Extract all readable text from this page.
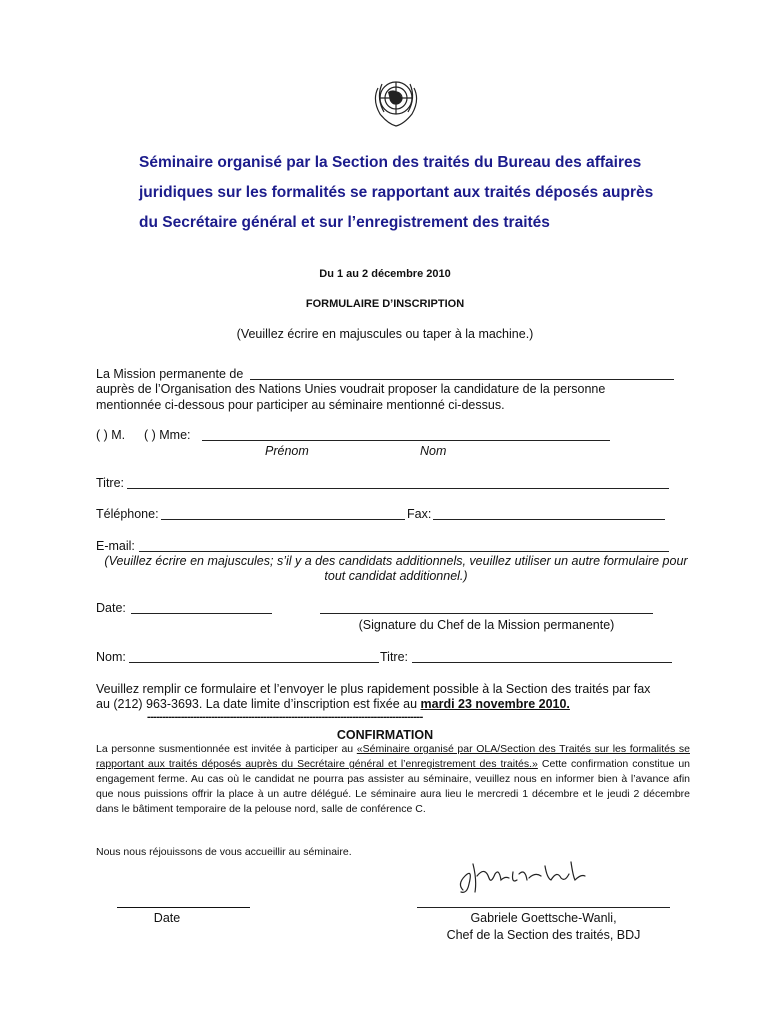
Séminaire organisé par la Section des traités du Bureau des affaires juridiques sur les formalités se rapportant aux traités déposés auprès du Secrétaire général et sur l’enregistrement des traités
Du 1 au 2 décembre 2010
FORMULAIRE D’INSCRIPTION
(Veuillez écrire en majuscules ou taper à la machine.)
La Mission permanente de
auprès de l’Organisation des Nations Unies voudrait proposer la candidature de la personne
mentionnée ci-dessous pour participer au séminaire mentionné ci-dessus.
( ) M. ( ) Mme:
Prénom	Nom
Titre:
Téléphone:	Fax:
E-mail:
(Veuillez écrire en majuscules; s’il y a des candidats additionnels, veuillez utiliser un autre formulaire pour tout candidat additionnel.)
Date:
(Signature du Chef de la Mission permanente)
Nom:	Titre:
Veuillez remplir ce formulaire et l’envoyer le plus rapidement possible à la Section des traités par fax
au (212) 963-3693. La date limite d’inscription est fixée au mardi 23 novembre 2010.
------------------------------------------------------------------------------------------
CONFIRMATION
La personne susmentionnée est invitée à participer au «Séminaire organisé par OLA/Section des Traités sur les formalités se rapportant aux traités déposés auprès du Secrétaire général et l’enregistrement des traités.» Cette confirmation constitue un engagement ferme. Au cas où le candidat ne pourra pas assister au séminaire, veuillez nous en informer bien à l’avance afin que nous puissions offrir la place à un autre délégué. Le séminaire aura lieu le mercredi 1 décembre et le jeudi 2 décembre dans le bâtiment temporaire de la pelouse nord, salle de conférence C.
Nous nous réjouissons de vous accueillir au séminaire.
Date	Gabriele Goettsche-Wanli,
Chef de la Section des traités, BDJ
